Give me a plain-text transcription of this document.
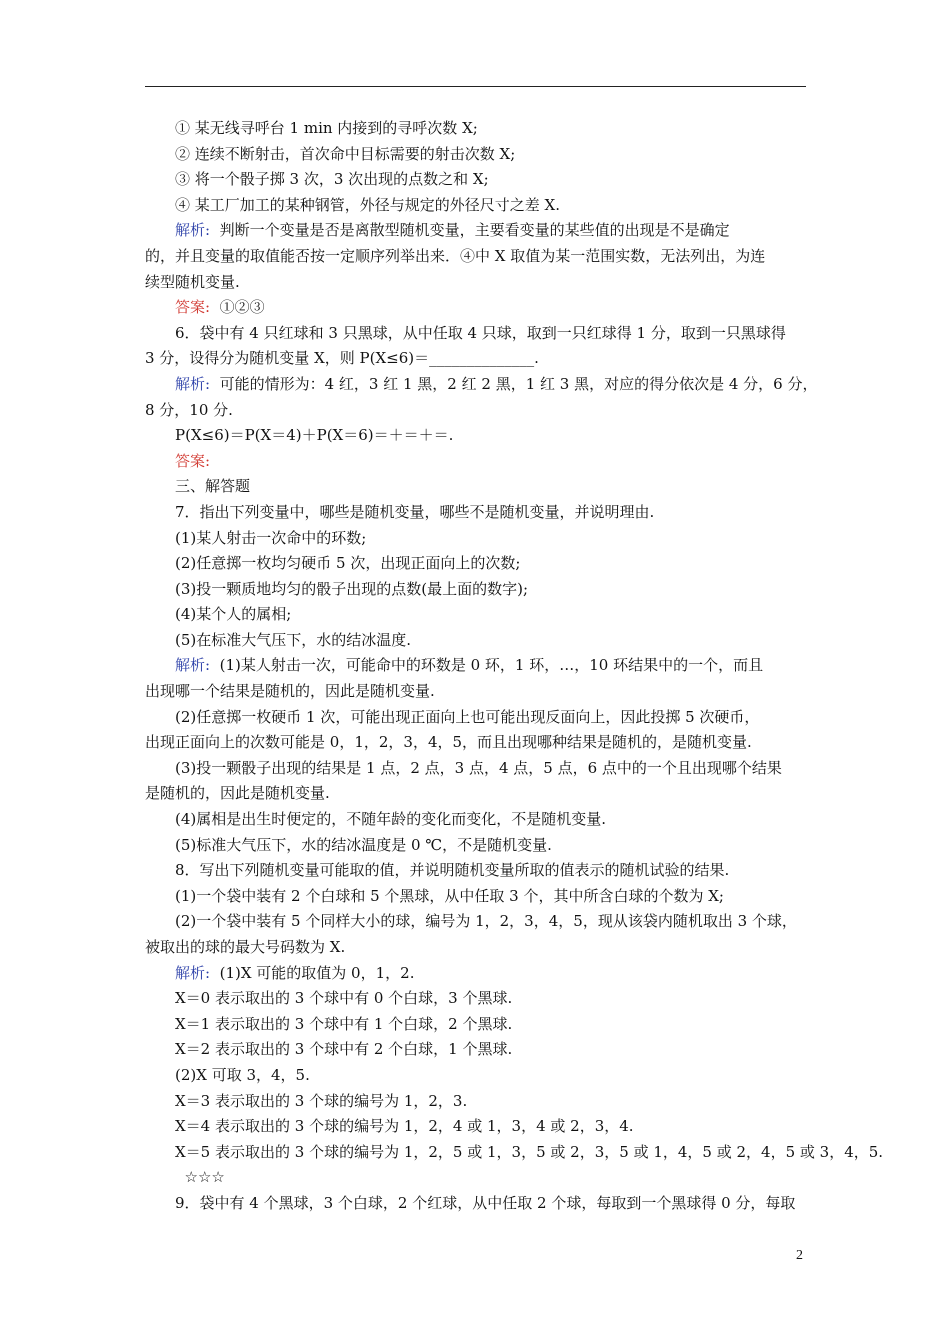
① 某无线寻呼台 1 min 内接到的寻呼次数 X;
② 连续不断射击，首次命中目标需要的射击次数 X;
③ 将一个骰子掷 3 次，3 次出现的点数之和 X;
④ 某工厂加工的某种钢管，外径与规定的外径尺寸之差 X.
解析:  判断一个变量是否是离散型随机变量，主要看变量的某些值的出现是不是确定
的，并且变量的取值能否按一定顺序列举出来．④中 X 取值为某一范围实数，无法列出，为连
续型随机变量.
答案:  ①②③
6．袋中有 4 只红球和 3 只黑球，从中任取 4 只球，取到一只红球得 1 分，取到一只黑球得
3 分，设得分为随机变量 X，则 P(X≤6)＝______________.
解析:  可能的情形为：4 红，3 红 1 黑，2 红 2 黑，1 红 3 黑，对应的得分依次是 4 分，6 分，
8 分，10 分.
P(X≤6)＝P(X＝4)＋P(X＝6)＝＋＝＋＝.
答案:
三、解答题
7．指出下列变量中，哪些是随机变量，哪些不是随机变量，并说明理由.
(1)某人射击一次命中的环数;
(2)任意掷一枚均匀硬币 5 次，出现正面向上的次数;
(3)投一颗质地均匀的骰子出现的点数(最上面的数字);
(4)某个人的属相;
(5)在标准大气压下，水的结冰温度.
解析:  (1)某人射击一次，可能命中的环数是 0 环，1 环，…，10 环结果中的一个，而且
出现哪一个结果是随机的，因此是随机变量.
(2)任意掷一枚硬币 1 次，可能出现正面向上也可能出现反面向上，因此投掷 5 次硬币，
出现正面向上的次数可能是 0，1，2，3，4，5，而且出现哪种结果是随机的，是随机变量.
(3)投一颗骰子出现的结果是 1 点，2 点，3 点，4 点，5 点，6 点中的一个且出现哪个结果
是随机的，因此是随机变量.
(4)属相是出生时便定的，不随年龄的变化而变化，不是随机变量.
(5)标准大气压下，水的结冰温度是 0 ℃，不是随机变量.
8．写出下列随机变量可能取的值，并说明随机变量所取的值表示的随机试验的结果.
(1)一个袋中装有 2 个白球和 5 个黑球，从中任取 3 个，其中所含白球的个数为 X;
(2)一个袋中装有 5 个同样大小的球，编号为 1，2，3，4，5，现从该袋内随机取出 3 个球，
被取出的球的最大号码数为 X.
解析:  (1)X 可能的取值为 0，1，2.
X＝0 表示取出的 3 个球中有 0 个白球，3 个黑球.
X＝1 表示取出的 3 个球中有 1 个白球，2 个黑球.
X＝2 表示取出的 3 个球中有 2 个白球，1 个黑球.
(2)X 可取 3，4，5.
X＝3 表示取出的 3 个球的编号为 1，2，3.
X＝4 表示取出的 3 个球的编号为 1，2，4 或 1，3，4 或 2，3，4.
X＝5 表示取出的 3 个球的编号为 1，2，5 或 1，3，5 或 2，3，5 或 1，4，5 或 2，4，5 或 3，4，5.
☆☆☆
9．袋中有 4 个黑球，3 个白球，2 个红球，从中任取 2 个球，每取到一个黑球得 0 分，每取
2
